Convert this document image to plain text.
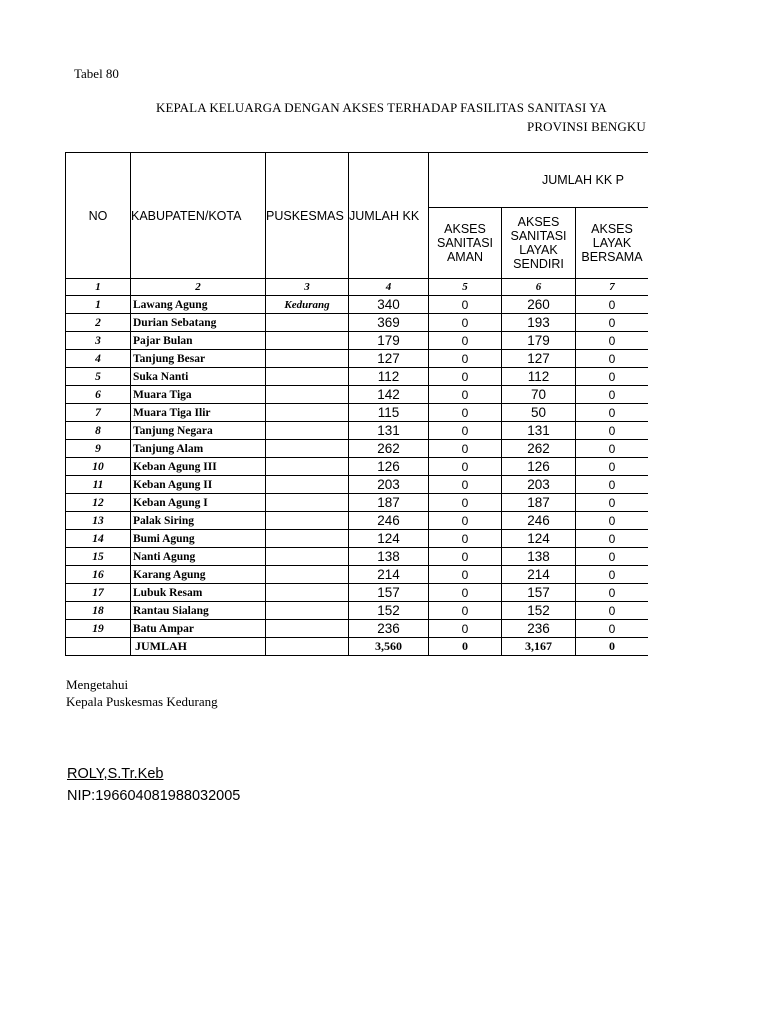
Tabel 80
KEPALA KELUARGA DENGAN AKSES TERHADAP FASILITAS SANITASI YA
PROVINSI BENGKU
NO	KABUPATEN/KOTA	PUSKESMAS	JUMLAH KK	JUMLAH KK P			
				AKSES SANITASI AMAN	AKSES SANITASI LAYAK SENDIRI	AKSES LAYAK BERSAMA	
1	2	3	4	5	6	7	
1	Lawang Agung	Kedurang	340	0	260	0	
2	Durian Sebatang		369	0	193	0	
3	Pajar Bulan		179	0	179	0	
4	Tanjung Besar		127	0	127	0	
5	Suka Nanti		112	0	112	0	
6	Muara Tiga		142	0	70	0	
7	Muara Tiga Ilir		115	0	50	0	
8	Tanjung Negara		131	0	131	0	
9	Tanjung Alam		262	0	262	0	
10	Keban Agung III		126	0	126	0	
11	Keban Agung II		203	0	203	0	
12	Keban Agung I		187	0	187	0	
13	Palak Siring		246	0	246	0	
14	Bumi Agung		124	0	124	0	
15	Nanti Agung		138	0	138	0	
16	Karang Agung		214	0	214	0	
17	Lubuk Resam		157	0	157	0	
18	Rantau Sialang		152	0	152	0	
19	Batu Ampar		236	0	236	0	
	JUMLAH		3,560	0	3,167	0	
Mengetahui
Kepala Puskesmas Kedurang
ROLY,S.Tr.Keb
NIP:196604081988032005
